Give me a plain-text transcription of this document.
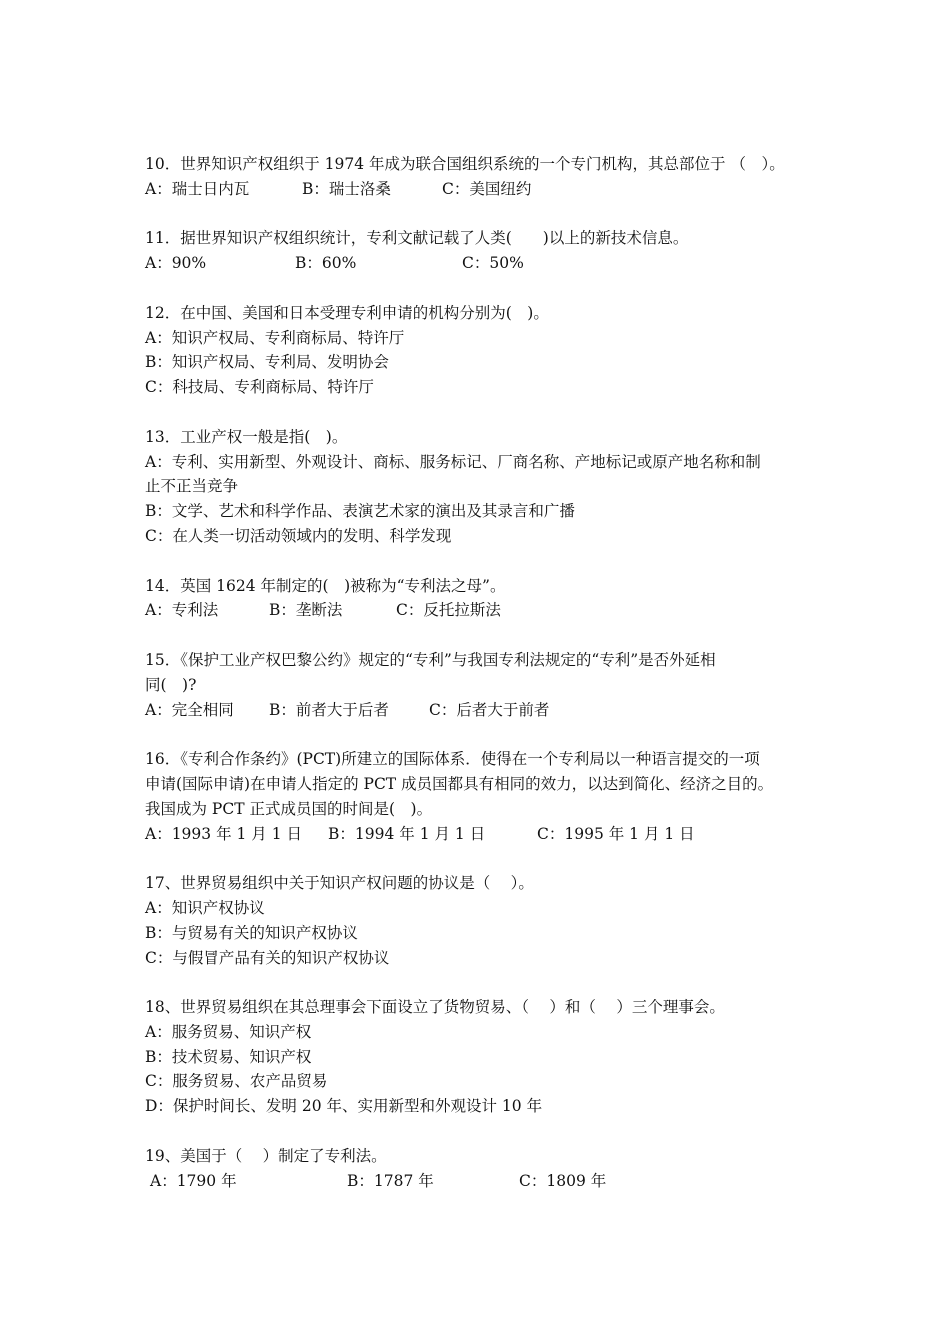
10．世界知识产权组织于 1974 年成为联合国组织系统的一个专门机构，其总部位于 （　）。
A：瑞士日内瓦	B：瑞士洛桑	C：美国纽约
11．据世界知识产权组织统计，专利文献记载了人类(　　)以上的新技术信息。
A：90%	B：60%	C：50%
12．在中国、美国和日本受理专利申请的机构分别为(　)。
A：知识产权局、专利商标局、特许厅
B：知识产权局、专利局、发明协会
C：科技局、专利商标局、特许厅
13．工业产权一般是指(　)。
A：专利、实用新型、外观设计、商标、服务标记、厂商名称、产地标记或原产地名称和制
止不正当竞争
B：文学、艺术和科学作品、表演艺术家的演出及其录言和广播
C：在人类一切活动领域内的发明、科学发现
14．英国 1624 年制定的(　)被称为“专利法之母”。
A：专利法	B：垄断法	C：反托拉斯法
15．《保护工业产权巴黎公约》规定的“专利”与我国专利法规定的“专利”是否外延相
同(　)?
A：完全相同	B：前者大于后者	C：后者大于前者
16．《专利合作条约》(PCT)所建立的国际体系．使得在一个专利局以一种语言提交的一项
申请(国际申请)在申请人指定的 PCT 成员国都具有相同的效力，以达到简化、经济之目的。
我国成为 PCT 正式成员国的时间是(　)。
A：1993 年 1 月 1 日	B：1994 年 1 月 1 日	C：1995 年 1 月 1 日
17、世界贸易组织中关于知识产权问题的协议是（　 ）。
A：知识产权协议
B：与贸易有关的知识产权协议
C：与假冒产品有关的知识产权协议
18、世界贸易组织在其总理事会下面设立了货物贸易、（　 ）和（　 ）三个理事会。
A：服务贸易、知识产权
B：技术贸易、知识产权
C：服务贸易、农产品贸易
D：保护时间长、发明 20 年、实用新型和外观设计 10 年
19、美国于（　 ）制定了专利法。
A：1790 年	B：1787 年	C：1809 年
